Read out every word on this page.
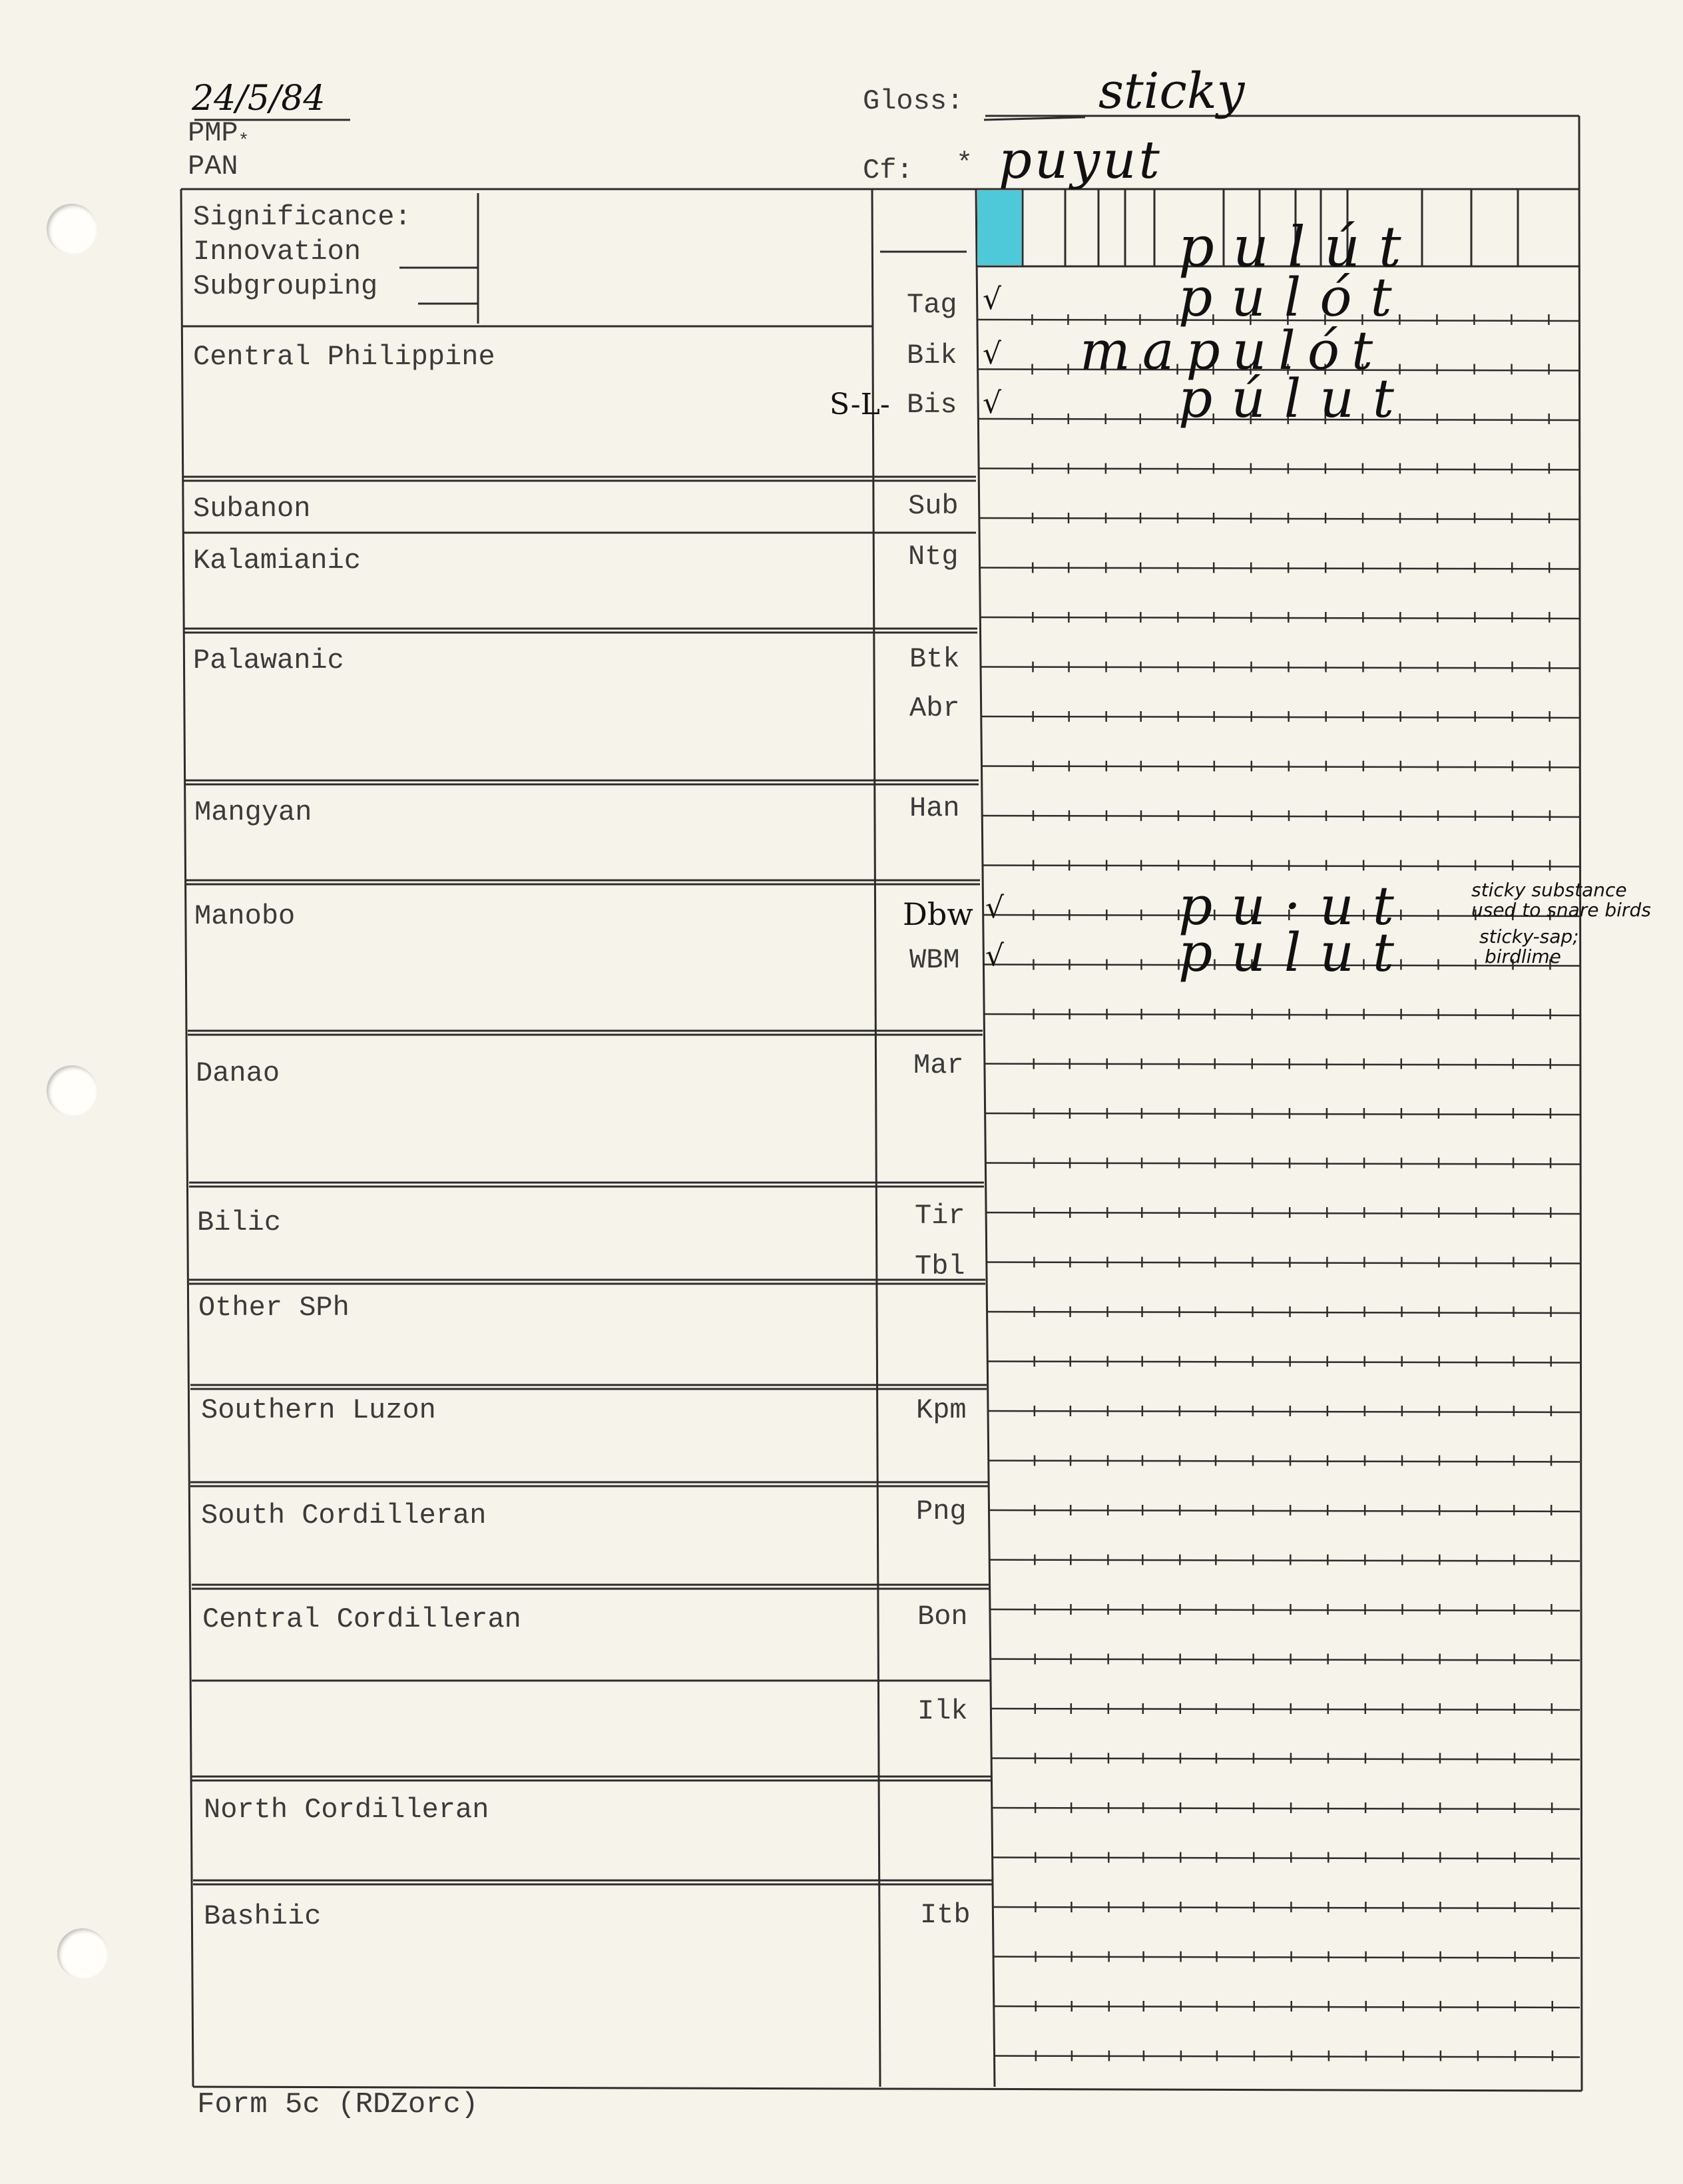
24/5/84
PMP*
PAN
Gloss:	sticky
Cf: * puyut
Significance:
Innovation
Subgrouping
pulút
Central Philippine
Subanon
Kalamianic
Palawanic
Mangyan
Manobo
Danao
Bilic
Other SPh
Southern Luzon
South Cordilleran
Central Cordilleran
North Cordilleran
Bashiic
Tag
Bik
S-L- Bis
Sub
Ntg
Btk
Abr
Han
Dbw
WBM
Mar
Tir
Tbl
Kpm
Png
Bon
Ilk
Itb
√
√
√
√
√
pulót
mapulót
púlut
pu·ut
pulut
sticky substance
used to snare birds
sticky-sap;
birdlime
Form 5c (RDZorc)
